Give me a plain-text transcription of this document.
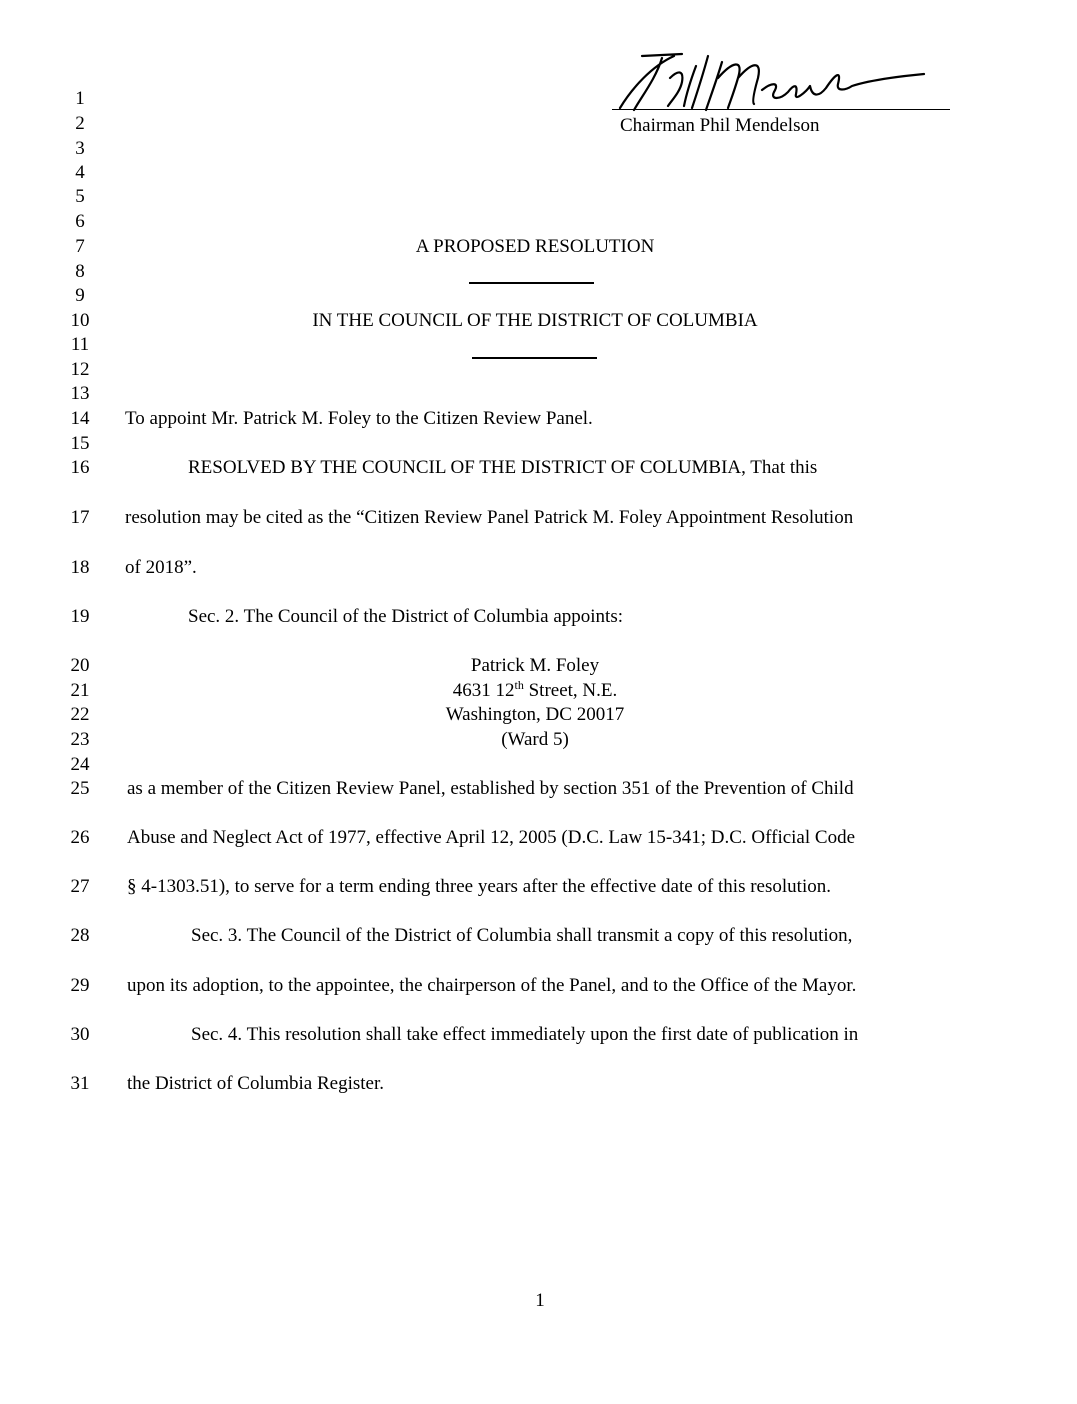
Chairman Phil Mendelson
1
2
3
4
5
6
7
8
9
10
11
12
13
14
15
16
17
18
19
20
21
22
23
24
25
26
27
28
29
30
31
A PROPOSED RESOLUTION
IN THE COUNCIL OF THE DISTRICT OF COLUMBIA
To appoint Mr. Patrick M. Foley to the Citizen Review Panel.
RESOLVED BY THE COUNCIL OF THE DISTRICT OF COLUMBIA, That this
resolution may be cited as the “Citizen Review Panel Patrick M. Foley Appointment Resolution
of 2018”.
Sec. 2. The Council of the District of Columbia appoints:
Patrick M. Foley
4631 12th Street, N.E.
Washington, DC 20017
(Ward 5)
as a member of the Citizen Review Panel, established by section 351 of the Prevention of Child
Abuse and Neglect Act of 1977, effective April 12, 2005 (D.C. Law 15-341; D.C. Official Code
§ 4-1303.51), to serve for a term ending three years after the effective date of this resolution.
Sec. 3. The Council of the District of Columbia shall transmit a copy of this resolution,
upon its adoption, to the appointee, the chairperson of the Panel, and to the Office of the Mayor.
Sec. 4. This resolution shall take effect immediately upon the first date of publication in
the District of Columbia Register.
1
